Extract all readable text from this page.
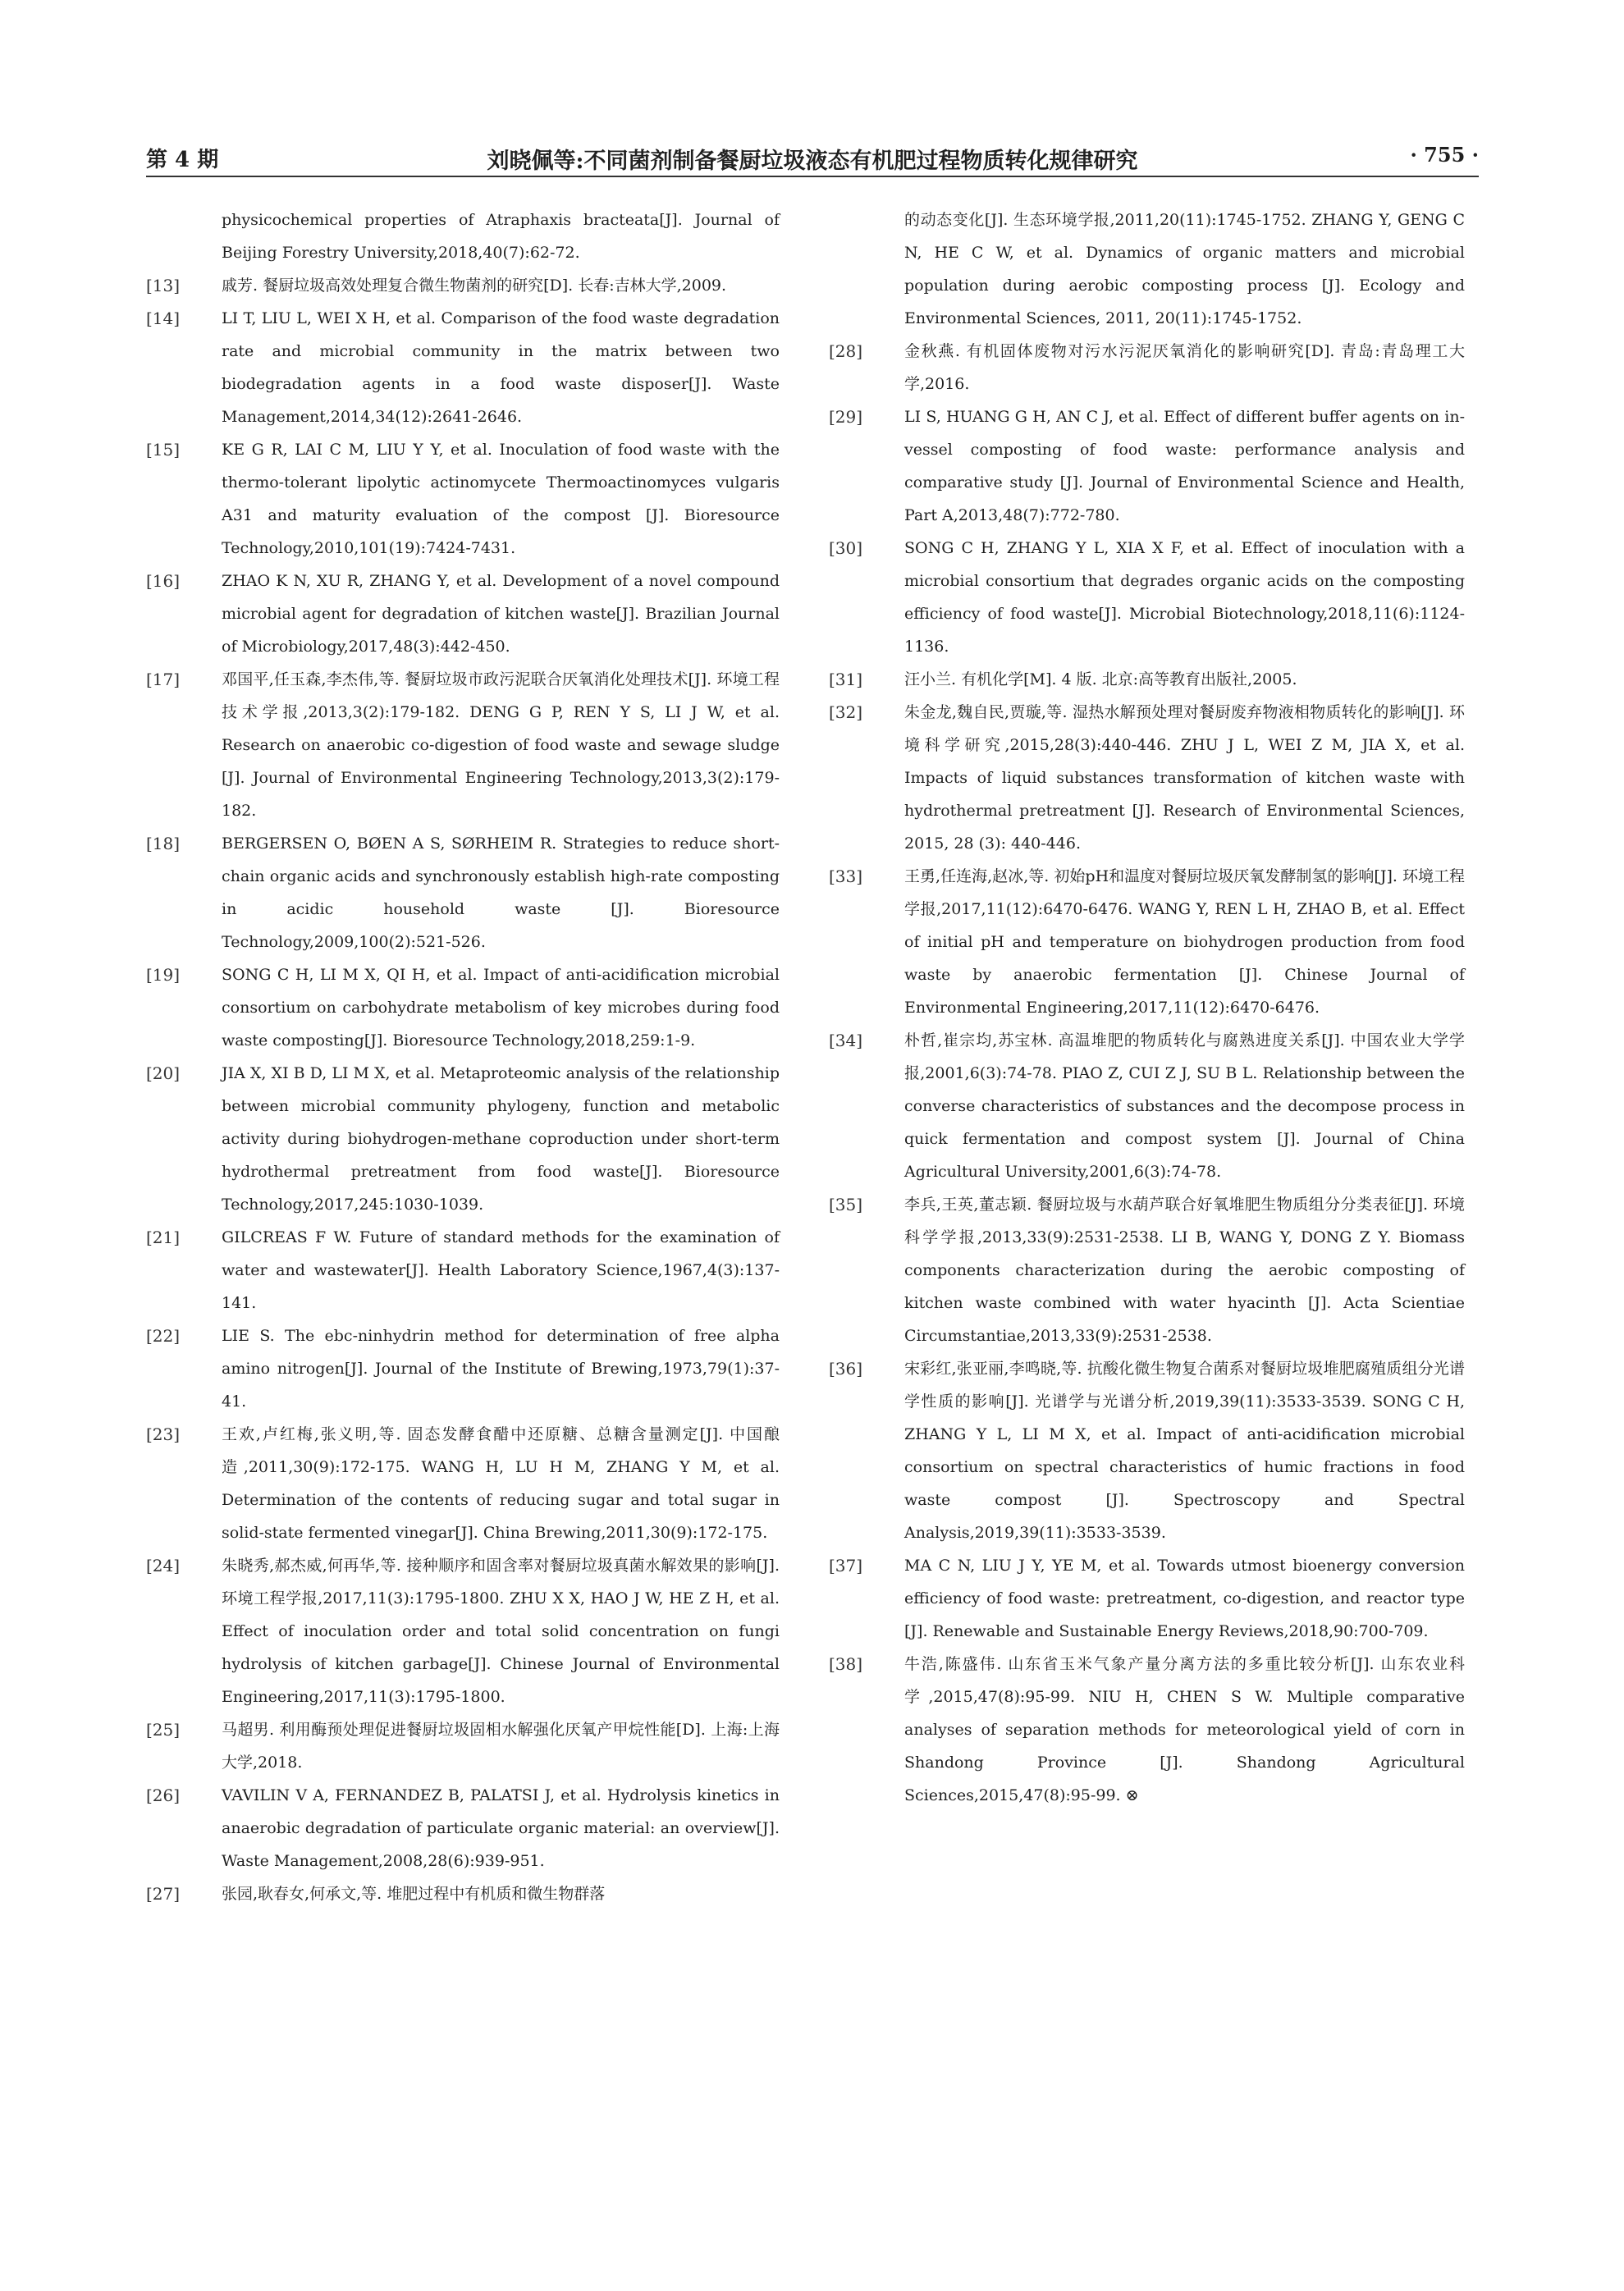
第 4 期	刘晓佩等:不同菌剂制备餐厨垃圾液态有机肥过程物质转化规律研究	· 755 ·
physicochemical properties of Atraphaxis bracteata[J]. Journal of Beijing Forestry University,2018,40(7):62-72.
[13]	戚芳. 餐厨垃圾高效处理复合微生物菌剂的研究[D]. 长春:吉林大学,2009.
[14]	LI T, LIU L, WEI X H, et al. Comparison of the food waste degradation rate and microbial community in the matrix between two biodegradation agents in a food waste disposer[J]. Waste Management,2014,34(12):2641-2646.
[15]	KE G R, LAI C M, LIU Y Y, et al. Inoculation of food waste with the thermo-tolerant lipolytic actinomycete Thermoactinomyces vulgaris A31 and maturity evaluation of the compost [J]. Bioresource Technology,2010,101(19):7424-7431.
[16]	ZHAO K N, XU R, ZHANG Y, et al. Development of a novel compound microbial agent for degradation of kitchen waste[J]. Brazilian Journal of Microbiology,2017,48(3):442-450.
[17]	邓国平,任玉森,李杰伟,等. 餐厨垃圾市政污泥联合厌氧消化处理技术[J]. 环境工程技术学报,2013,3(2):179-182. DENG G P, REN Y S, LI J W, et al. Research on anaerobic co-digestion of food waste and sewage sludge [J]. Journal of Environmental Engineering Technology,2013,3(2):179-182.
[18]	BERGERSEN O, BØEN A S, SØRHEIM R. Strategies to reduce short-chain organic acids and synchronously establish high-rate composting in acidic household waste [J]. Bioresource Technology,2009,100(2):521-526.
[19]	SONG C H, LI M X, QI H, et al. Impact of anti-acidification microbial consortium on carbohydrate metabolism of key microbes during food waste composting[J]. Bioresource Technology,2018,259:1-9.
[20]	JIA X, XI B D, LI M X, et al. Metaproteomic analysis of the relationship between microbial community phylogeny, function and metabolic activity during biohydrogen-methane coproduction under short-term hydrothermal pretreatment from food waste[J]. Bioresource Technology,2017,245:1030-1039.
[21]	GILCREAS F W. Future of standard methods for the examination of water and wastewater[J]. Health Laboratory Science,1967,4(3):137-141.
[22]	LIE S. The ebc-ninhydrin method for determination of free alpha amino nitrogen[J]. Journal of the Institute of Brewing,1973,79(1):37-41.
[23]	王欢,卢红梅,张义明,等. 固态发酵食醋中还原糖、总糖含量测定[J]. 中国酿造,2011,30(9):172-175. WANG H, LU H M, ZHANG Y M, et al. Determination of the contents of reducing sugar and total sugar in solid-state fermented vinegar[J]. China Brewing,2011,30(9):172-175.
[24]	朱晓秀,郝杰威,何再华,等. 接种顺序和固含率对餐厨垃圾真菌水解效果的影响[J]. 环境工程学报,2017,11(3):1795-1800. ZHU X X, HAO J W, HE Z H, et al. Effect of inoculation order and total solid concentration on fungi hydrolysis of kitchen garbage[J]. Chinese Journal of Environmental Engineering,2017,11(3):1795-1800.
[25]	马超男. 利用酶预处理促进餐厨垃圾固相水解强化厌氧产甲烷性能[D]. 上海:上海大学,2018.
[26]	VAVILIN V A, FERNANDEZ B, PALATSI J, et al. Hydrolysis kinetics in anaerobic degradation of particulate organic material: an overview[J]. Waste Management,2008,28(6):939-951.
[27]	张园,耿春女,何承文,等. 堆肥过程中有机质和微生物群落
的动态变化[J]. 生态环境学报,2011,20(11):1745-1752. ZHANG Y, GENG C N, HE C W, et al. Dynamics of organic matters and microbial population during aerobic composting process [J]. Ecology and Environmental Sciences, 2011, 20(11):1745-1752.
[28]	金秋燕. 有机固体废物对污水污泥厌氧消化的影响研究[D]. 青岛:青岛理工大学,2016.
[29]	LI S, HUANG G H, AN C J, et al. Effect of different buffer agents on in-vessel composting of food waste: performance analysis and comparative study [J]. Journal of Environmental Science and Health, Part A,2013,48(7):772-780.
[30]	SONG C H, ZHANG Y L, XIA X F, et al. Effect of inoculation with a microbial consortium that degrades organic acids on the composting efficiency of food waste[J]. Microbial Biotechnology,2018,11(6):1124-1136.
[31]	汪小兰. 有机化学[M]. 4 版. 北京:高等教育出版社,2005.
[32]	朱金龙,魏自民,贾璇,等. 湿热水解预处理对餐厨废弃物液相物质转化的影响[J]. 环境科学研究,2015,28(3):440-446. ZHU J L, WEI Z M, JIA X, et al. Impacts of liquid substances transformation of kitchen waste with hydrothermal pretreatment [J]. Research of Environmental Sciences, 2015, 28 (3): 440-446.
[33]	王勇,任连海,赵冰,等. 初始pH和温度对餐厨垃圾厌氧发酵制氢的影响[J]. 环境工程学报,2017,11(12):6470-6476. WANG Y, REN L H, ZHAO B, et al. Effect of initial pH and temperature on biohydrogen production from food waste by anaerobic fermentation [J]. Chinese Journal of Environmental Engineering,2017,11(12):6470-6476.
[34]	朴哲,崔宗均,苏宝林. 高温堆肥的物质转化与腐熟进度关系[J]. 中国农业大学学报,2001,6(3):74-78. PIAO Z, CUI Z J, SU B L. Relationship between the converse characteristics of substances and the decompose process in quick fermentation and compost system [J]. Journal of China Agricultural University,2001,6(3):74-78.
[35]	李兵,王英,董志颖. 餐厨垃圾与水葫芦联合好氧堆肥生物质组分分类表征[J]. 环境科学学报,2013,33(9):2531-2538. LI B, WANG Y, DONG Z Y. Biomass components characterization during the aerobic composting of kitchen waste combined with water hyacinth [J]. Acta Scientiae Circumstantiae,2013,33(9):2531-2538.
[36]	宋彩红,张亚丽,李鸣晓,等. 抗酸化微生物复合菌系对餐厨垃圾堆肥腐殖质组分光谱学性质的影响[J]. 光谱学与光谱分析,2019,39(11):3533-3539. SONG C H, ZHANG Y L, LI M X, et al. Impact of anti-acidification microbial consortium on spectral characteristics of humic fractions in food waste compost [J]. Spectroscopy and Spectral Analysis,2019,39(11):3533-3539.
[37]	MA C N, LIU J Y, YE M, et al. Towards utmost bioenergy conversion efficiency of food waste: pretreatment, co-digestion, and reactor type [J]. Renewable and Sustainable Energy Reviews,2018,90:700-709.
[38]	牛浩,陈盛伟. 山东省玉米气象产量分离方法的多重比较分析[J]. 山东农业科学,2015,47(8):95-99. NIU H, CHEN S W. Multiple comparative analyses of separation methods for meteorological yield of corn in Shandong Province [J]. Shandong Agricultural Sciences,2015,47(8):95-99. ⊗
